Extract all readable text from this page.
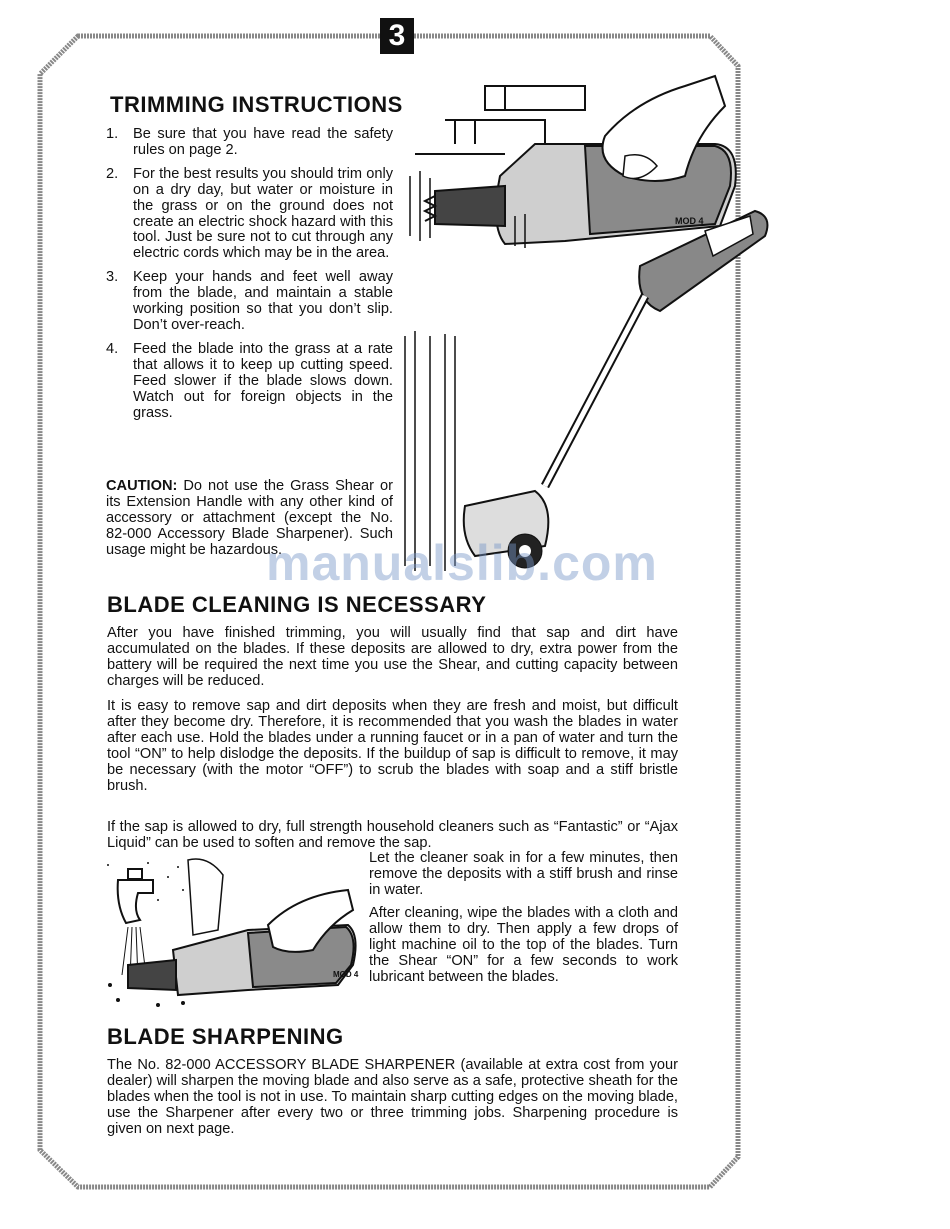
3
MOD 4
TRIMMING INSTRUCTIONS
1. Be sure that you have read the safety rules on page 2.
2. For the best results you should trim only on a dry day, but water or moisture in the grass or on the ground does not create an electric shock hazard with this tool. Just be sure not to cut through any electric cords which may be in the area.
3. Keep your hands and feet well away from the blade, and maintain a stable working position so that you don’t slip. Don’t over-reach.
4. Feed the blade into the grass at a rate that allows it to keep up cutting speed. Feed slower if the blade slows down. Watch out for foreign objects in the grass.
CAUTION: Do not use the Grass Shear or its Extension Handle with any other kind of accessory or attachment (except the No. 82-000 Accessory Blade Sharpener). Such usage might be hazardous.
manualslib.com
BLADE CLEANING IS NECESSARY
After you have finished trimming, you will usually find that sap and dirt have accumulated on the blades. If these deposits are allowed to dry, extra power from the battery will be required the next time you use the Shear, and cutting capacity between charges will be reduced.
It is easy to remove sap and dirt deposits when they are fresh and moist, but difficult after they become dry. Therefore, it is recommended that you wash the blades in water after each use. Hold the blades under a running faucet or in a pan of water and turn the tool “ON” to help dislodge the deposits. If the buildup of sap is difficult to remove, it may be necessary (with the motor “OFF”) to scrub the blades with soap and a stiff bristle brush.
If the sap is allowed to dry, full strength household cleaners such as “Fantastic” or “Ajax Liquid” can be used to soften and remove the sap.
Let the cleaner soak in for a few minutes, then remove the deposits with a stiff brush and rinse in water.
After cleaning, wipe the blades with a cloth and allow them to dry. Then apply a few drops of light machine oil to the top of the blades. Turn the Shear “ON” for a few seconds to work lubricant between the blades.
MOD 4
BLADE SHARPENING
The No. 82-000 ACCESSORY BLADE SHARPENER (available at extra cost from your dealer) will sharpen the moving blade and also serve as a safe, protective sheath for the blades when the tool is not in use. To maintain sharp cutting edges on the moving blade, use the Sharpener after every two or three trimming jobs. Sharpening procedure is given on next page.
